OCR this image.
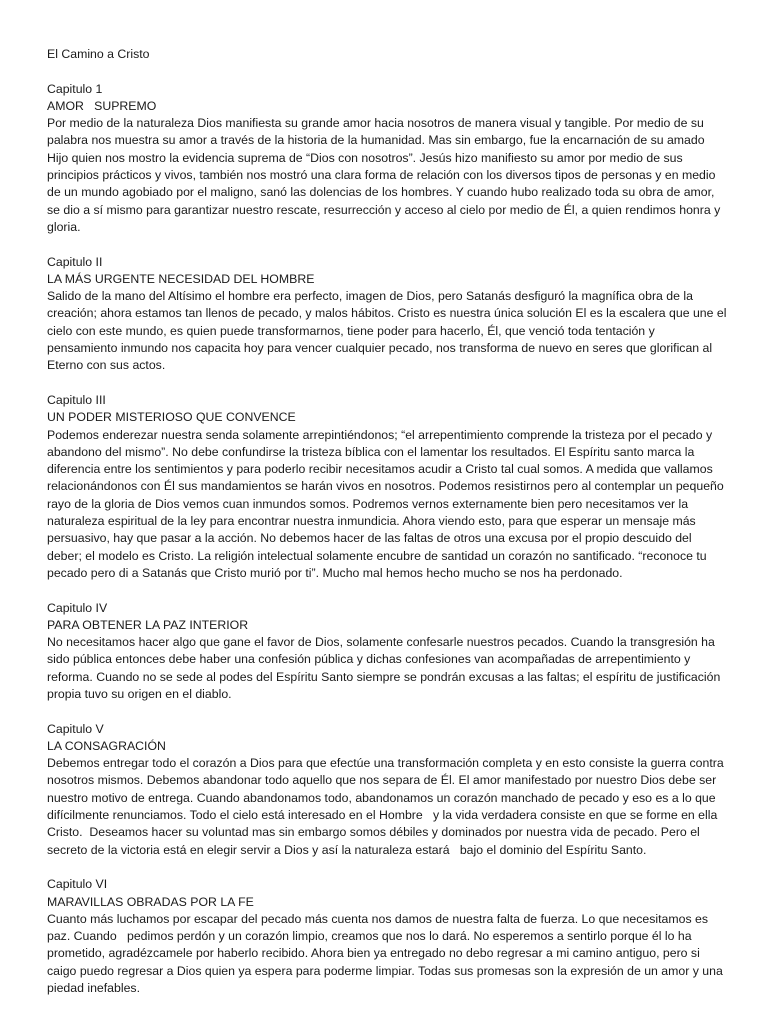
El Camino a Cristo

Capitulo 1

AMOR   SUPREMO

Por medio de la naturaleza Dios manifiesta su grande amor hacia nosotros de manera visual y tangible. Por medio de su palabra nos muestra su amor a través de la historia de la humanidad. Mas sin embargo, fue la encarnación de su amado Hijo quien nos mostro la evidencia suprema de “Dios con nosotros”. Jesús hizo manifiesto su amor por medio de sus principios prácticos y vivos, también nos mostró una clara forma de relación con los diversos tipos de personas y en medio de un mundo agobiado por el maligno, sanó las dolencias de los hombres. Y cuando hubo realizado toda su obra de amor, se dio a sí mismo para garantizar nuestro rescate, resurrección y acceso al cielo por medio de Él, a quien rendimos honra y gloria.

Capitulo II

LA MÁS URGENTE NECESIDAD DEL HOMBRE

Salido de la mano del Altísimo el hombre era perfecto, imagen de Dios, pero Satanás desfiguró la magnífica obra de la creación; ahora estamos tan llenos de pecado, y malos hábitos. Cristo es nuestra única solución El es la escalera que une el cielo con este mundo, es quien puede transformarnos, tiene poder para hacerlo, Él, que venció toda tentación y pensamiento inmundo nos capacita hoy para vencer cualquier pecado, nos transforma de nuevo en seres que glorifican al Eterno con sus actos.

Capitulo III

UN PODER MISTERIOSO QUE CONVENCE

Podemos enderezar nuestra senda solamente arrepintiéndonos; “el arrepentimiento comprende la tristeza por el pecado y abandono del mismo”. No debe confundirse la tristeza bíblica con el lamentar los resultados. El Espíritu santo marca la diferencia entre los sentimientos y para poderlo recibir necesitamos acudir a Cristo tal cual somos. A medida que vallamos relacionándonos con Él sus mandamientos se harán vivos en nosotros. Podemos resistirnos pero al contemplar un pequeño rayo de la gloria de Dios vemos cuan inmundos somos. Podremos vernos externamente bien pero necesitamos ver la naturaleza espiritual de la ley para encontrar nuestra inmundicia. Ahora viendo esto, para que esperar un mensaje más persuasivo, hay que pasar a la acción. No debemos hacer de las faltas de otros una excusa por el propio descuido del deber; el modelo es Cristo. La religión intelectual solamente encubre de santidad un corazón no santificado. “reconoce tu pecado pero di a Satanás que Cristo murió por ti”. Mucho mal hemos hecho mucho se nos ha perdonado.

Capitulo IV

PARA OBTENER LA PAZ INTERIOR

No necesitamos hacer algo que gane el favor de Dios, solamente confesarle nuestros pecados. Cuando la transgresión ha sido pública entonces debe haber una confesión pública y dichas confesiones van acompañadas de arrepentimiento y reforma. Cuando no se sede al podes del Espíritu Santo siempre se pondrán excusas a las faltas; el espíritu de justificación propia tuvo su origen en el diablo.

Capitulo V

LA CONSAGRACIÓN

Debemos entregar todo el corazón a Dios para que efectúe una transformación completa y en esto consiste la guerra contra nosotros mismos. Debemos abandonar todo aquello que nos separa de Él. El amor manifestado por nuestro Dios debe ser nuestro motivo de entrega. Cuando abandonamos todo, abandonamos un corazón manchado de pecado y eso es a lo que difícilmente renunciamos. Todo el cielo está interesado en el Hombre   y la vida verdadera consiste en que se forme en ella Cristo.  Deseamos hacer su voluntad mas sin embargo somos débiles y dominados por nuestra vida de pecado. Pero el secreto de la victoria está en elegir servir a Dios y así la naturaleza estará   bajo el dominio del Espíritu Santo.

Capitulo VI

MARAVILLAS OBRADAS POR LA FE

Cuanto más luchamos por escapar del pecado más cuenta nos damos de nuestra falta de fuerza. Lo que necesitamos es paz. Cuando   pedimos perdón y un corazón limpio, creamos que nos lo dará. No esperemos a sentirlo porque él lo ha prometido, agradézcamele por haberlo recibido. Ahora bien ya entregado no debo regresar a mi camino antiguo, pero si caigo puedo regresar a Dios quien ya espera para poderme limpiar. Todas sus promesas son la expresión de un amor y una piedad inefables.
